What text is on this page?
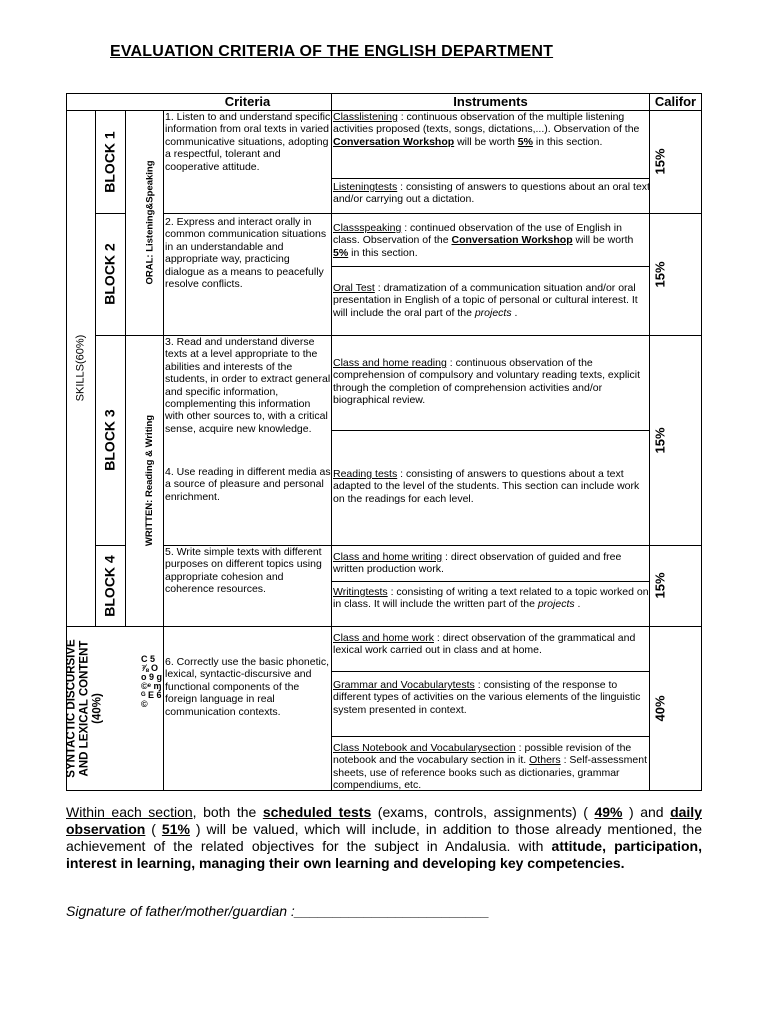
EVALUATION CRITERIA OF THE ENGLISH DEPARTMENT
Criteria	Instruments	Califor
SKILLS(60%)
BLOCK 1
BLOCK 2
BLOCK 3
BLOCK 4
ORAL: Listening&Speaking
WRITTEN: Reading & Writing
SYNTACTIC DISCURSIVE AND LEXICAL CONTENT (40%)
C 5 ⅞ O o 9 g ©ᵉ ɱ ᴳ E 6 ©
15%
15%
15%
15%
40%
1. Listen to and understand specific information from oral texts in varied communicative situations, adopting a respectful, tolerant and cooperative attitude.
2. Express and interact orally in common communication situations in an understandable and appropriate way, practicing dialogue as a means to peacefully resolve conflicts.
3. Read and understand diverse texts at a level appropriate to the abilities and interests of the students, in order to extract general and specific information, complementing this information with other sources to, with a critical sense, acquire new knowledge.
4. Use reading in different media as a source of pleasure and personal enrichment.
5. Write simple texts with different purposes on different topics using appropriate cohesion and coherence resources.
6. Correctly use the basic phonetic, lexical, syntactic-discursive and functional components of the foreign language in real communication contexts.
Classlistening : continuous observation of the multiple listening activities proposed (texts, songs, dictations,...). Observation of the Conversation Workshop will be worth 5% in this section.
Listeningtests : consisting of answers to questions about an oral text and/or carrying out a dictation.
Classspeaking : continued observation of the use of English in class. Observation of the Conversation Workshop will be worth 5% in this section.
Oral Test : dramatization of a communication situation and/or oral presentation in English of a topic of personal or cultural interest. It will include the oral part of the projects .
Class and home reading : continuous observation of the comprehension of compulsory and voluntary reading texts, explicit through the completion of comprehension activities and/or biographical review.
Reading tests : consisting of answers to questions about a text adapted to the level of the students. This section can include work on the readings for each level.
Class and home writing : direct observation of guided and free written production work.
Writingtests : consisting of writing a text related to a topic worked on in class. It will include the written part of the projects .
Class and home work : direct observation of the grammatical and lexical work carried out in class and at home.
Grammar and Vocabularytests : consisting of the response to different types of activities on the various elements of the linguistic system presented in context.
Class Notebook and Vocabularysection : possible revision of the notebook and the vocabulary section in it. Others : Self-assessment sheets, use of reference books such as dictionaries, grammar compendiums, etc.

Within each section, both the scheduled tests (exams, controls, assignments) ( 49% ) and daily observation ( 51% ) will be valued, which will include, in addition to those already mentioned, the achievement of the related objectives for the subject in Andalusia. with attitude, participation, interest in learning, managing their own learning and developing key competencies.

Signature of father/mother/guardian :_________________________
